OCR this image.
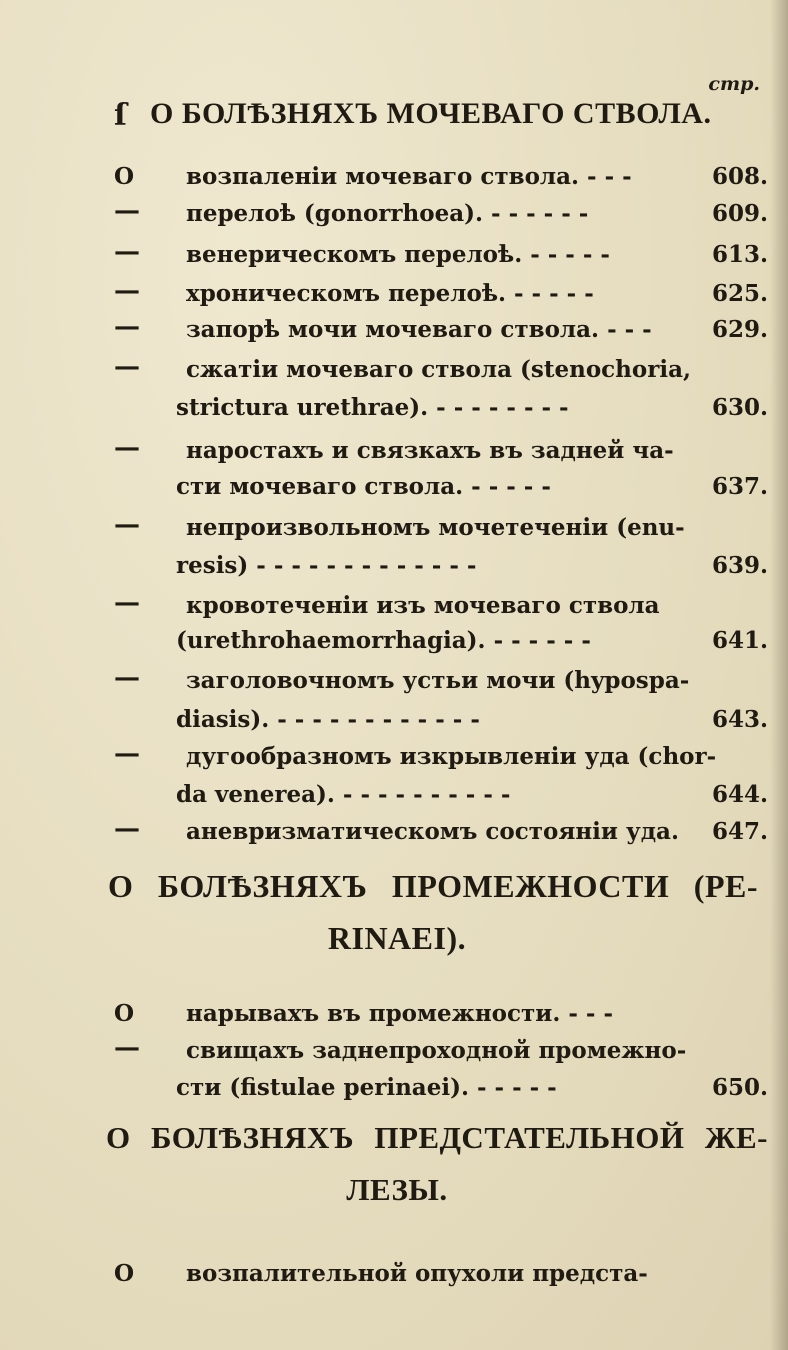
стр.
ſ О БОЛѢЗНЯХЪ МОЧЕВАГО СТВОЛА.
О	возпаленіи мочеваго ствола. - - -	608.
—	перелоѣ (gonorrhoea). - - - - - -	609.
—	венерическомъ перелоѣ. - - - - -	613.
—	хроническомъ перелоѣ. - - - - -	625.
—	запорѣ мочи мочеваго ствола. - - -	629.
—	сжатіи мочеваго ствола (stenochoria,
strictura urethrae). - - - - - - - -	630.
—	наростахъ и связкахъ въ задней ча-
сти мочеваго ствола. - - - - -	637.
—	непроизвольномъ мочетеченіи (enu-
resis) - - - - - - - - - - - - -	639.
—	кровотеченіи изъ мочеваго ствола
(urethrohaemorrhagia). - - - - - -	641.
—	заголовочномъ устьи мочи (hypospa-
diasis). - - - - - - - - - - - -	643.
—	дугообразномъ изкрывленіи уда (chor-
da venerea). - - - - - - - - - -	644.
—	аневризматическомъ состояніи уда.	647.
О БОЛѢЗНЯХЪ ПРОМЕЖНОСТИ (PE-
RINAEI).
О	нарывахъ въ промежности. - - -
—	свищахъ заднепроходной промежно-
сти (fistulae perinaei). - - - - -	650.
О БОЛѢЗНЯХЪ ПРЕДСТАТЕЛЬНОЙ ЖЕ-
ЛЕЗЫ.
О	возпалительной опухоли предста-
